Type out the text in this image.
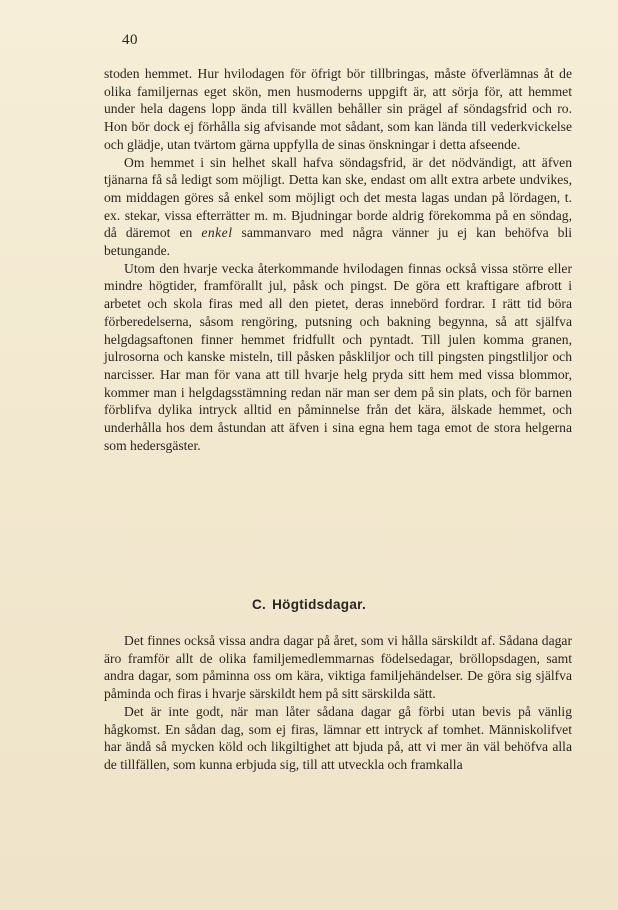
40

stoden hemmet. Hur hvilodagen för öfrigt bör tillbringas, måste öfverlämnas åt de olika familjernas eget skön, men husmoderns uppgift är, att sörja för, att hemmet under hela dagens lopp ända till kvällen behåller sin prägel af söndagsfrid och ro. Hon bör dock ej förhålla sig afvisande mot sådant, som kan lända till vederkvickelse och glädje, utan tvärtom gärna uppfylla de sinas önskningar i detta afseende.

Om hemmet i sin helhet skall hafva söndagsfrid, är det nödvändigt, att äfven tjänarna få så ledigt som möjligt. Detta kan ske, endast om allt extra arbete undvikes, om middagen göres så enkel som möjligt och det mesta lagas undan på lördagen, t. ex. stekar, vissa efterrätter m. m. Bjudningar borde aldrig förekomma på en söndag, då däremot en enkel sammanvaro med några vänner ju ej kan behöfva bli betungande.

Utom den hvarje vecka återkommande hvilodagen finnas också vissa större eller mindre högtider, framförallt jul, påsk och pingst. De göra ett kraftigare afbrott i arbetet och skola firas med all den pietet, deras innebörd fordrar. I rätt tid böra förberedelserna, såsom rengöring, putsning och bakning begynna, så att själfva helgdagsaftonen finner hemmet fridfullt och pyntadt. Till julen komma granen, julrosorna och kanske misteln, till påsken påskliljor och till pingsten pingstliljor och narcisser. Har man för vana att till hvarje helg pryda sitt hem med vissa blommor, kommer man i helgdagsstämning redan när man ser dem på sin plats, och för barnen förblifva dylika intryck alltid en påminnelse från det kära, älskade hemmet, och underhålla hos dem åstundan att äfven i sina egna hem taga emot de stora helgerna som hedersgäster.

C. Högtidsdagar.

Det finnes också vissa andra dagar på året, som vi hålla särskildt af. Sådana dagar äro framför allt de olika familjemedlemmarnas födelsedagar, bröllopsdagen, samt andra dagar, som påminna oss om kära, viktiga familjehändelser. De göra sig själfva påminda och firas i hvarje särskildt hem på sitt särskilda sätt.

Det är inte godt, när man låter sådana dagar gå förbi utan bevis på vänlig hågkomst. En sådan dag, som ej firas, lämnar ett intryck af tomhet. Människolifvet har ändå så mycken köld och likgiltighet att bjuda på, att vi mer än väl behöfva alla de tillfällen, som kunna erbjuda sig, till att utveckla och framkalla
